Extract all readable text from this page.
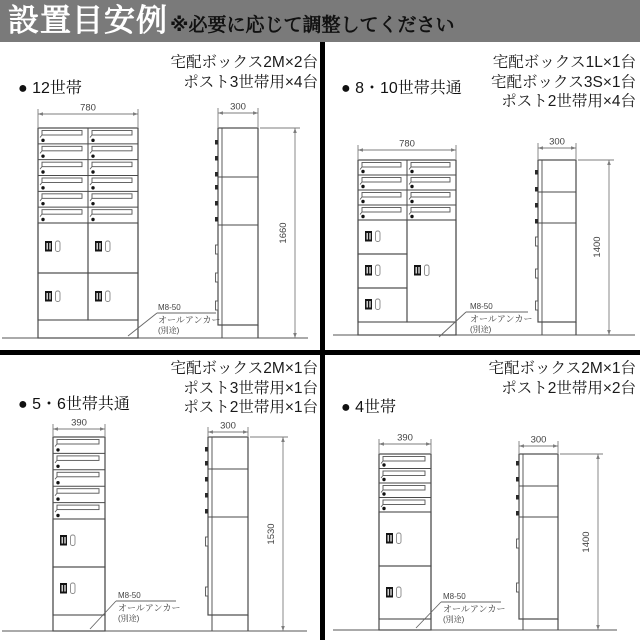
設置目安例 ※必要に応じて調整してください
宅配ボックス2M×2台
ポスト3世帯用×4台
● 12世帯
780	300
1660
M8-50
オールアンカー
(別途)
宅配ボックス1L×1台
宅配ボックス3S×1台
ポスト2世帯用×4台
● 8・10世帯共通
780	300
1400
M8-50
オールアンカー
(別途)
宅配ボックス2M×1台
ポスト3世帯用×1台
ポスト2世帯用×1台
● 5・6世帯共通
390	300
1530
M8-50
オールアンカー
(別途)
宅配ボックス2M×1台
ポスト2世帯用×2台
● 4世帯
390	300
1400
M8-50
オールアンカー
(別途)
